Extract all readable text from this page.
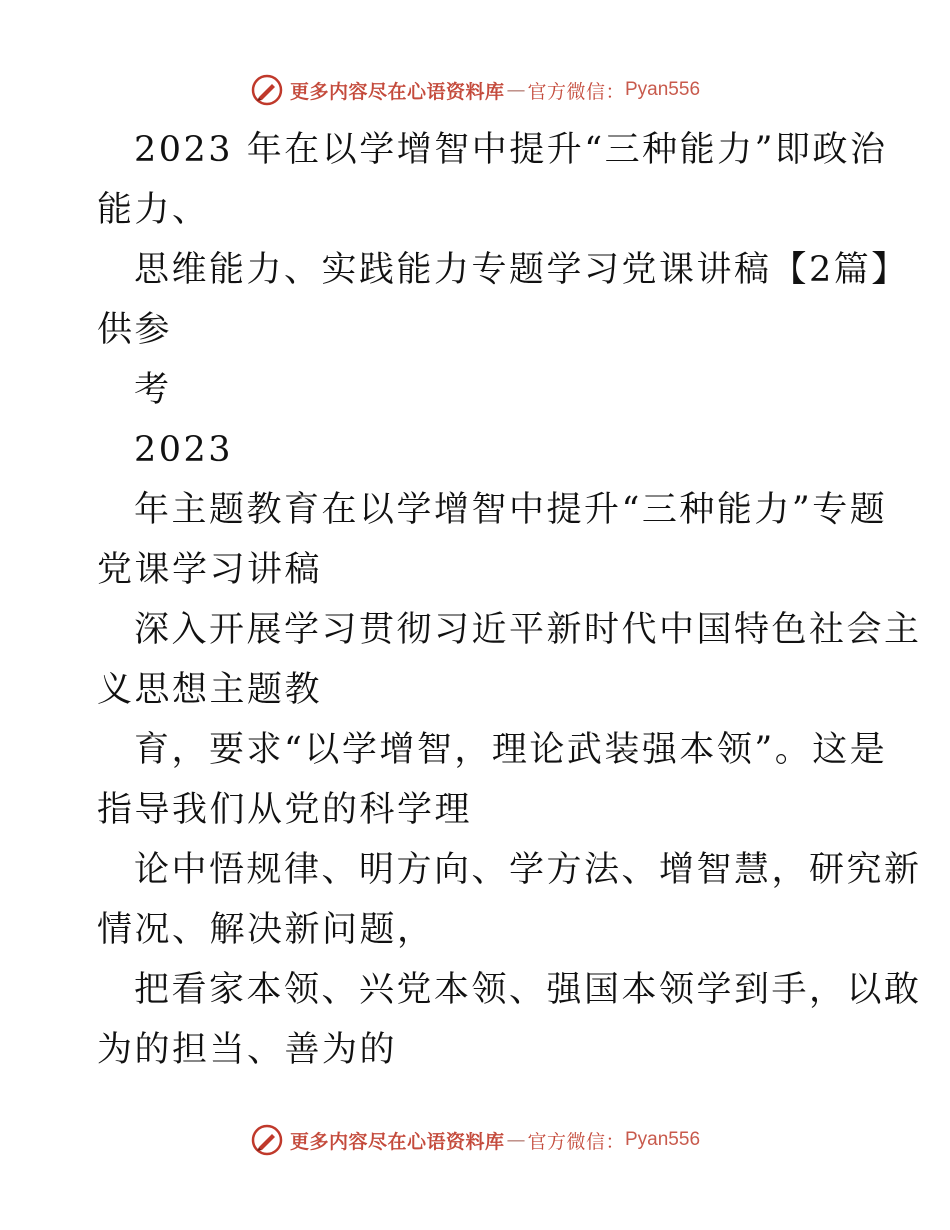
更多内容尽在心语资料库 — 官方微信： Pyan556
2023 年在以学增智中提升“三种能力”即政治
能力、
思维能力、实践能力专题学习党课讲稿【2篇】
供参
考
2023
年主题教育在以学增智中提升“三种能力”专题
党课学习讲稿
深入开展学习贯彻习近平新时代中国特色社会主
义思想主题教
育，要求“以学增智，理论武装强本领”。这是
指导我们从党的科学理
论中悟规律、明方向、学方法、增智慧，研究新
情况、解决新问题，
把看家本领、兴党本领、强国本领学到手，以敢
为的担当、善为的
更多内容尽在心语资料库 — 官方微信： Pyan556
